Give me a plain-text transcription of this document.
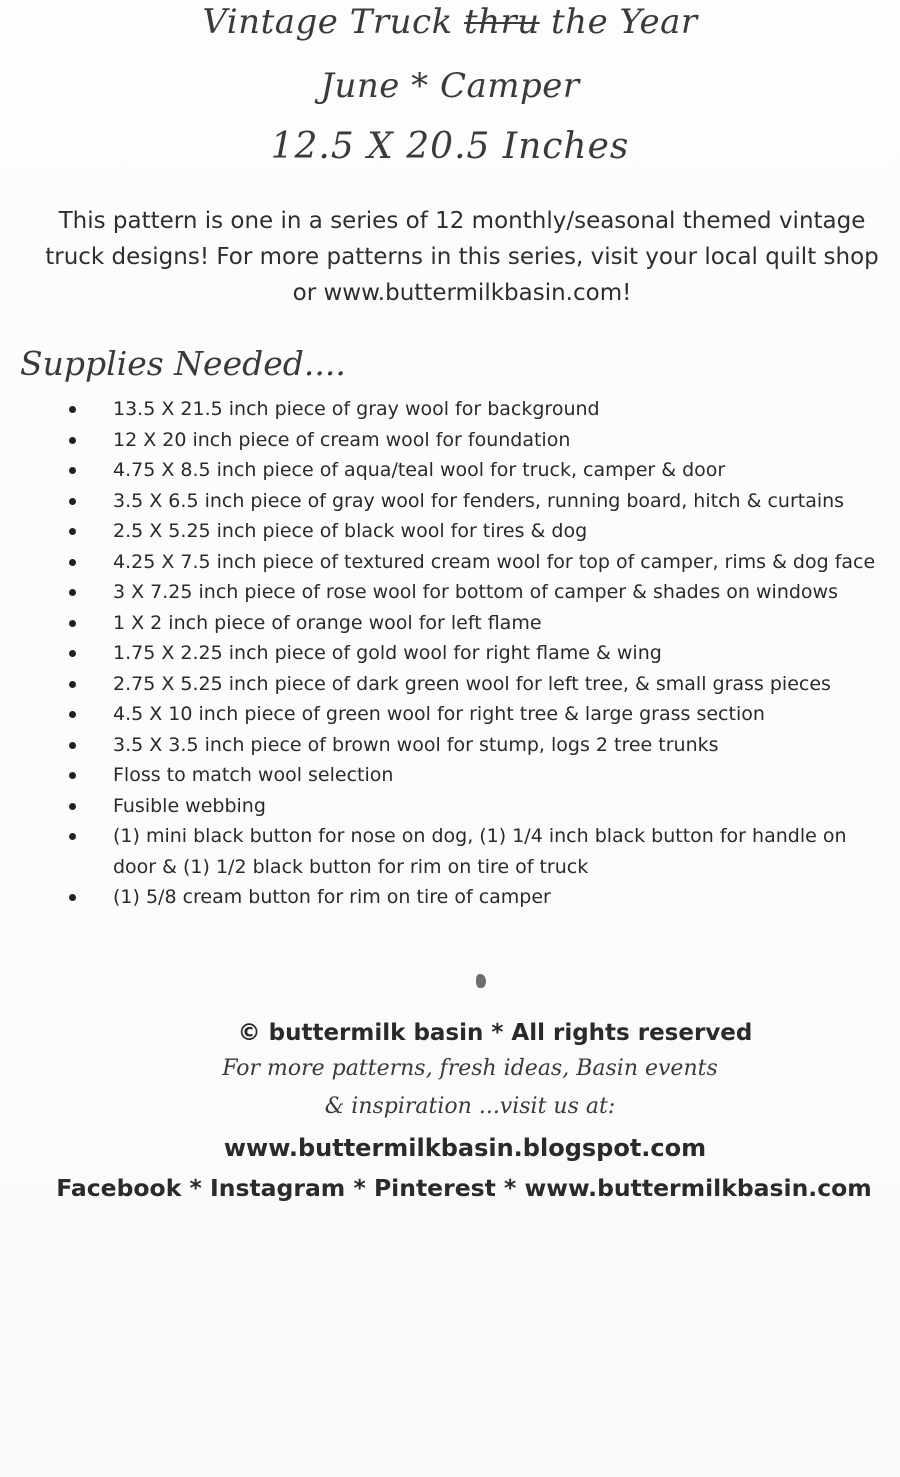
Vintage Truck thru the Year
June * Camper
12.5 X 20.5 Inches
This pattern is one in a series of 12 monthly/seasonal themed vintage
truck designs! For more patterns in this series, visit your local quilt shop
or www.buttermilkbasin.com!
Supplies Needed....
13.5 X 21.5 inch piece of gray wool for background
12 X 20 inch piece of cream wool for foundation
4.75 X 8.5 inch piece of aqua/teal wool for truck, camper & door
3.5 X 6.5 inch piece of gray wool for fenders, running board, hitch & curtains
2.5 X 5.25 inch piece of black wool for tires & dog
4.25 X 7.5 inch piece of textured cream wool for top of camper, rims & dog face
3 X 7.25 inch piece of rose wool for bottom of camper & shades on windows
1 X 2 inch piece of orange wool for left flame
1.75 X 2.25 inch piece of gold wool for right flame & wing
2.75 X 5.25 inch piece of dark green wool for left tree, & small grass pieces
4.5 X 10 inch piece of green wool for right tree & large grass section
3.5 X 3.5 inch piece of brown wool for stump, logs 2 tree trunks
Floss to match wool selection
Fusible webbing
(1) mini black button for nose on dog, (1) 1/4 inch black button for handle on
door & (1) 1/2 black button for rim on tire of truck
(1) 5/8 cream button for rim on tire of camper
© buttermilk basin * All rights reserved
For more patterns, fresh ideas, Basin events
& inspiration ...visit us at:
www.buttermilkbasin.blogspot.com
Facebook * Instagram * Pinterest * www.buttermilkbasin.com
